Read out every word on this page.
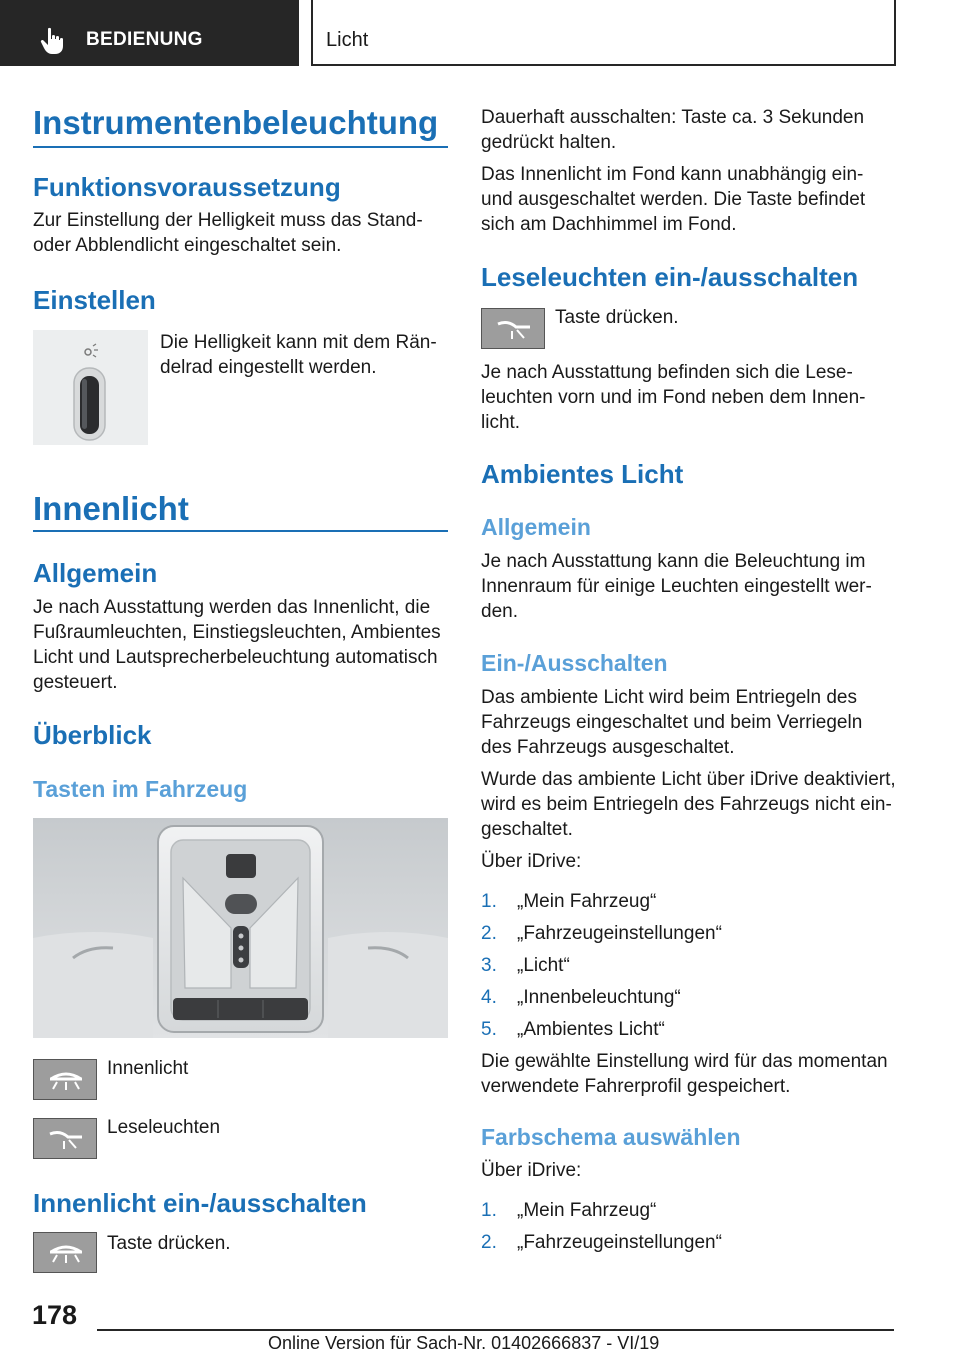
BEDIENUNG	Licht
Instrumentenbeleuchtung
Funktionsvoraussetzung
Zur Einstellung der Helligkeit muss das Stand-
oder Abblendlicht eingeschaltet sein.
Einstellen
Die Helligkeit kann mit dem Rän-
delrad eingestellt werden.
Innenlicht
Allgemein
Je nach Ausstattung werden das Innenlicht, die
Fußraumleuchten, Einstiegsleuchten, Ambientes
Licht und Lautsprecherbeleuchtung automatisch
gesteuert.
Überblick
Tasten im Fahrzeug
Innenlicht
Leseleuchten
Innenlicht ein-/ausschalten
Taste drücken.
Dauerhaft ausschalten: Taste ca. 3 Sekunden
gedrückt halten.
Das Innenlicht im Fond kann unabhängig ein-
und ausgeschaltet werden. Die Taste befindet
sich am Dachhimmel im Fond.
Leseleuchten ein-/ausschalten
Taste drücken.
Je nach Ausstattung befinden sich die Lese-
leuchten vorn und im Fond neben dem Innen-
licht.
Ambientes Licht
Allgemein
Je nach Ausstattung kann die Beleuchtung im
Innenraum für einige Leuchten eingestellt wer-
den.
Ein-/Ausschalten
Das ambiente Licht wird beim Entriegeln des
Fahrzeugs eingeschaltet und beim Verriegeln
des Fahrzeugs ausgeschaltet.
Wurde das ambiente Licht über iDrive deaktiviert,
wird es beim Entriegeln des Fahrzeugs nicht ein-
geschaltet.
Über iDrive:
1. „Mein Fahrzeug“
2. „Fahrzeugeinstellungen“
3. „Licht“
4. „Innenbeleuchtung“
5. „Ambientes Licht“
Die gewählte Einstellung wird für das momentan
verwendete Fahrerprofil gespeichert.
Farbschema auswählen
Über iDrive:
1. „Mein Fahrzeug“
2. „Fahrzeugeinstellungen“
178
Online Version für Sach-Nr. 01402666837 - VI/19
